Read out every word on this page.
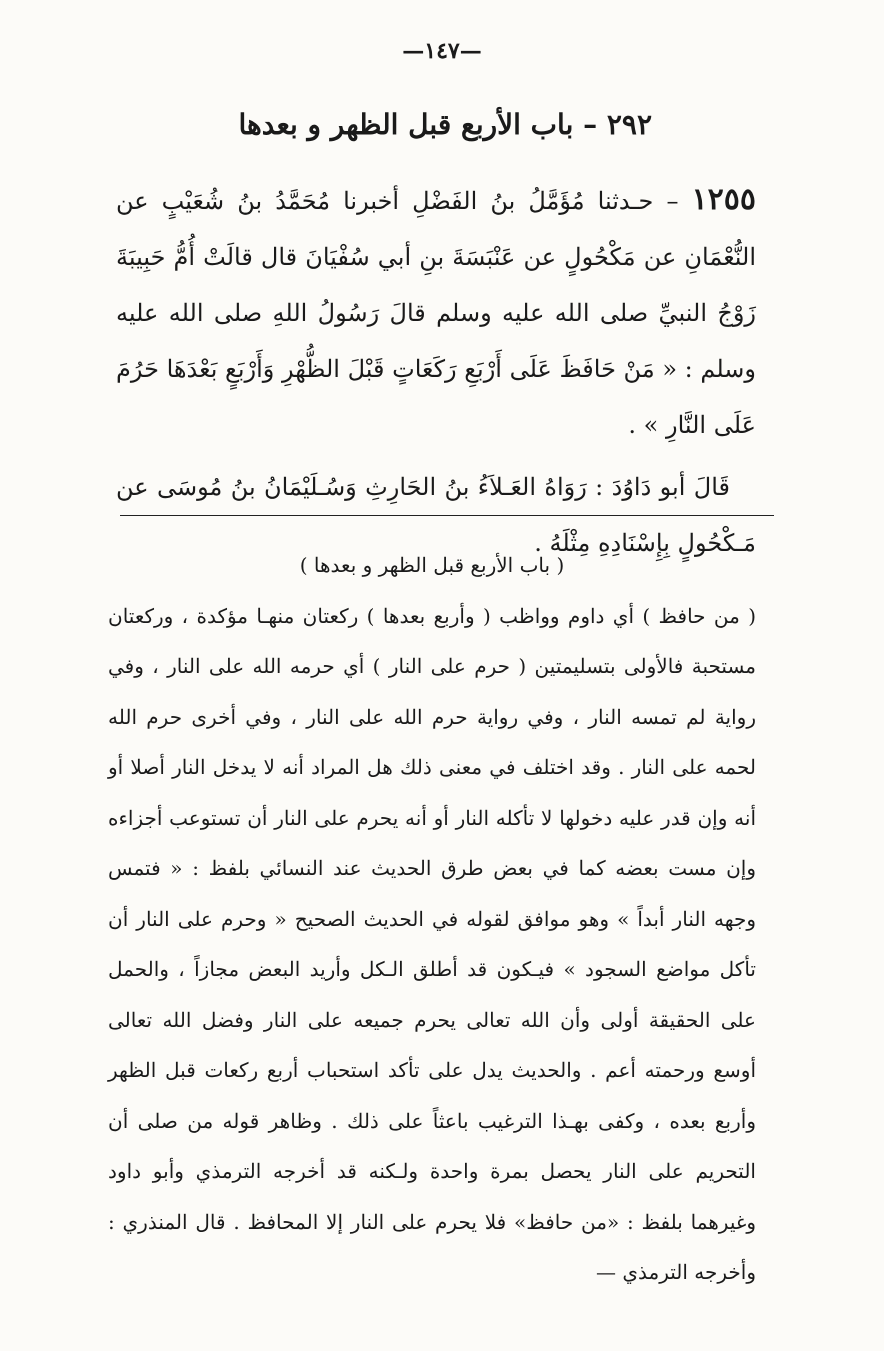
—١٤٧—
٢٩٢ – باب الأربع قبل الظهر و بعدها

١٢٥٥ – حـدثنا مُؤَمَّلُ بنُ الفَضْلِ أخبرنا مُحَمَّدُ بنُ شُعَيْبٍ عن النُّعْمَانِ عن مَكْحُولٍ عن عَنْبَسَةَ بنِ أبي سُفْيَانَ قال قالَتْ أُمُّ حَبِيبَةَ زَوْجُ النبيِّ صلى الله عليه وسلم قالَ رَسُولُ اللهِ صلى الله عليه وسلم : « مَنْ حَافَظَ عَلَى أَرْبَعِ رَكَعَاتٍ قَبْلَ الظُّهْرِ وَأَرْبَعٍ بَعْدَهَا حَرُمَ عَلَى النَّارِ » .

قَالَ أبو دَاوُدَ : رَوَاهُ العَـلاَءُ بنُ الحَارِثِ وَسُـلَيْمَانُ بنُ مُوسَى عن مَـكْحُولٍ بِإِسْنَادِهِ مِثْلَهُ .

( باب الأربع قبل الظهر و بعدها )

( من حافظ ) أي داوم وواظب ( وأربع بعدها ) ركعتان منهـا مؤكدة ، وركعتان مستحبة فالأولى بتسليمتين ( حرم على النار ) أي حرمه الله على النار ، وفي رواية لم تمسه النار ، وفي رواية حرم الله على النار ، وفي أخرى حرم الله لحمه على النار . وقد اختلف في معنى ذلك هل المراد أنه لا يدخل النار أصلا أو أنه وإن قدر عليه دخولها لا تأكله النار أو أنه يحرم على النار أن تستوعب أجزاءه وإن مست بعضه كما في بعض طرق الحديث عند النسائي بلفظ : « فتمس وجهه النار أبداً » وهو موافق لقوله في الحديث الصحيح « وحرم على النار أن تأكل مواضع السجود » فيـكون قد أطلق الـكل وأريد البعض مجازاً ، والحمل على الحقيقة أولى وأن الله تعالى يحرم جميعه على النار وفضل الله تعالى أوسع ورحمته أعم . والحديث يدل على تأكد استحباب أربع ركعات قبل الظهر وأربع بعده ، وكفى بهـذا الترغيب باعثاً على ذلك . وظاهر قوله من صلى أن التحريم على النار يحصل بمرة واحدة ولـكنه قد أخرجه الترمذي وأبو داود وغيرهما بلفظ : «من حافظ» فلا يحرم على النار إلا المحافظ . قال المنذري : وأخرجه الترمذي —
